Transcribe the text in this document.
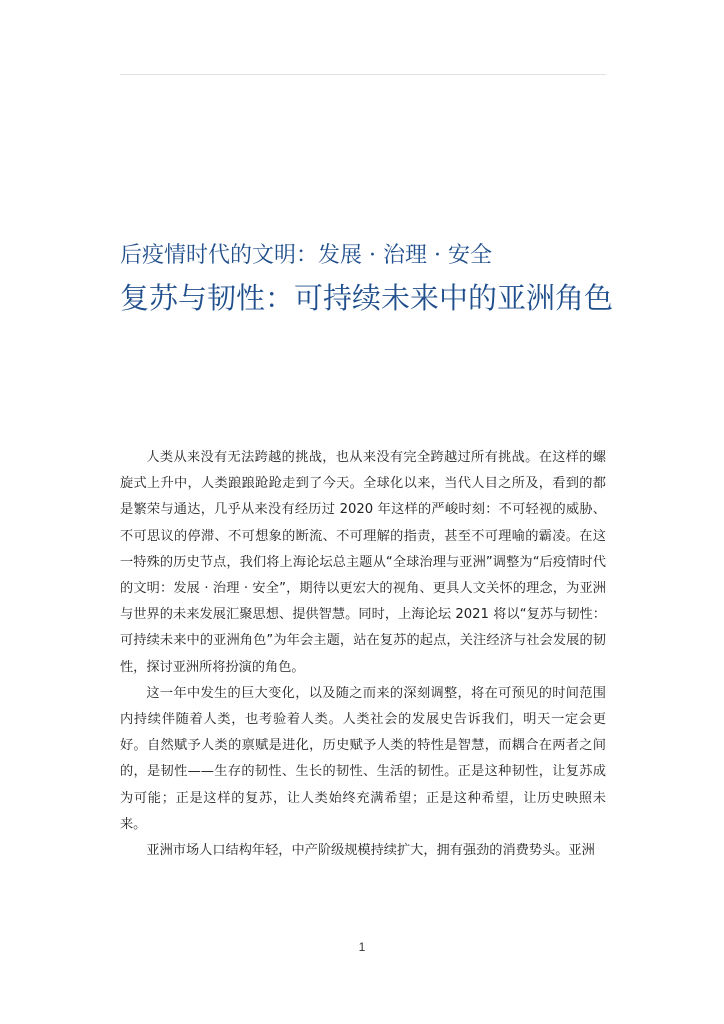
后疫情时代的文明：发展 · 治理 · 安全
复苏与韧性：可持续未来中的亚洲角色

人类从来没有无法跨越的挑战，也从来没有完全跨越过所有挑战。在这样的螺旋式上升中，人类踉踉跄跄走到了今天。全球化以来，当代人目之所及，看到的都是繁荣与通达，几乎从来没有经历过 2020 年这样的严峻时刻：不可轻视的威胁、不可思议的停滞、不可想象的断流、不可理解的指责，甚至不可理喻的霸凌。在这一特殊的历史节点，我们将上海论坛总主题从“全球治理与亚洲”调整为“后疫情时代的文明：发展 · 治理 · 安全”，期待以更宏大的视角、更具人文关怀的理念，为亚洲与世界的未来发展汇聚思想、提供智慧。同时，上海论坛 2021 将以“复苏与韧性：可持续未来中的亚洲角色”为年会主题，站在复苏的起点，关注经济与社会发展的韧性，探讨亚洲所将扮演的角色。

这一年中发生的巨大变化，以及随之而来的深刻调整，将在可预见的时间范围内持续伴随着人类，也考验着人类。人类社会的发展史告诉我们，明天一定会更好。自然赋予人类的禀赋是进化，历史赋予人类的特性是智慧，而耦合在两者之间的，是韧性——生存的韧性、生长的韧性、生活的韧性。正是这种韧性，让复苏成为可能；正是这样的复苏，让人类始终充满希望；正是这种希望，让历史映照未来。

亚洲市场人口结构年轻，中产阶级规模持续扩大，拥有强劲的消费势头。亚洲

1
